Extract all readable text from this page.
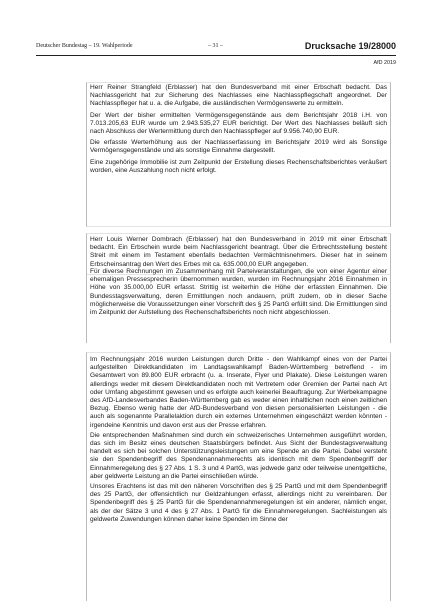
Deutscher Bundestag – 19. Wahlperiode	– 31 –	Drucksache 19/28000
AfD 2019

Herr Reiner Strangfeld (Erblasser) hat den Bundesverband mit einer Erbschaft bedacht. Das Nachlassgericht hat zur Sicherung des Nachlasses eine Nachlasspflegschaft angeordnet. Der Nachlasspfleger hat u. a. die Aufgabe, die ausländischen Vermögenswerte zu ermitteln.

Der Wert der bisher ermittelten Vermögensgegenstände aus dem Berichtsjahr 2018 i.H. von 7.013.205,63 EUR wurde um 2.943.535,27 EUR berichtigt. Der Wert des Nachlasses beläuft sich nach Abschluss der Wertermittlung durch den Nachlasspfleger auf 9.956.740,90 EUR.

Die erfasste Werterhöhung aus der Nachlasserfassung im Berichtsjahr 2019 wird als Sonstige Vermögensgegenstände und als sonstige Einnahme dargestellt.

Eine zugehörige Immobilie ist zum Zeitpunkt der Erstellung dieses Rechenschaftsberichtes veräußert worden, eine Auszahlung noch nicht erfolgt.

Herr Louis Werner Dombrach (Erblasser) hat den Bundesverband in 2019 mit einer Erbschaft bedacht. Ein Erbschein wurde beim Nachlassgericht beantragt. Über die Erbrechtsstellung besteht Streit mit einem im Testament ebenfalls bedachten Vermächtnisnehmers. Dieser hat in seinem Erbscheinsantrag den Wert des Erbes mit ca. 635.000,00 EUR angegeben.

Für diverse Rechnungen im Zusammenhang mit Parteiveranstaltungen, die von einer Agentur einer ehemaligen Pressesprecherin übernommen wurden, wurden im Rechnungsjahr 2016 Einnahmen in Höhe von 35.000,00 EUR erfasst. Strittig ist weiterhin die Höhe der erfassten Einnahmen. Die Bundesstagsverwaltung, deren Ermittlungen noch andauern, prüft zudem, ob in dieser Sache möglicherweise die Voraussetzungen einer Vorschrift des § 25 PartG erfüllt sind. Die Ermittlungen sind im Zeitpunkt der Aufstellung des Rechenschaftsberichts noch nicht abgeschlossen.

Im Rechnungsjahr 2016 wurden Leistungen durch Dritte - den Wahlkampf eines von der Partei aufgestellten Direktkandidaten im Landtagswahlkampf Baden-Württemberg betreffend - im Gesamtwert von 89.800 EUR erbracht (u. a. Inserate, Flyer und Plakate). Diese Leistungen waren allerdings weder mit diesem Direktkandidaten noch mit Vertretern oder Gremien der Partei nach Art oder Umfang abgestimmt gewesen und es erfolgte auch keinerlei Beauftragung. Zur Werbekampagne des AfD-Landesverbandes Baden-Württemberg gab es weder einen inhaltlichen noch einen zeitlichen Bezug. Ebenso wenig hatte der AfD-Bundesverband von diesen personalisierten Leistungen - die auch als sogenannte Parallelaktion durch ein externes Unternehmen eingeschätzt werden könnten - irgendeine Kenntnis und davon erst aus der Presse erfahren.

Die entsprechenden Maßnahmen sind durch ein schweizerisches Unternehmen ausgeführt worden, das sich im Besitz eines deutschen Staatsbürgers befindet. Aus Sicht der Bundestagsverwaltung handelt es sich bei solchen Unterstützungsleistungen um eine Spende an die Partei. Dabei versteht sie den Spendenbegriff des Spendenannahmerechts als identisch mit dem Spendenbegriff der Einnahmeregelung des § 27 Abs. 1 S. 3 und 4 PartG, was jedwede ganz oder teilweise unentgeltliche, aber geldwerte Leistung an die Partei einschließen würde.

Unsores Erachtens ist das mit den näheren Vorschriften des § 25 PartG und mit dem Spendenbegriff des 25 PartG, der offensichtlich nur Geldzahlungen erfasst, allerdings nicht zu vereinbaren. Der Spendenbegriff des § 25 PartG für die Spendenannahmeregelungen ist ein anderer, nämlich enger, als der der Sätze 3 und 4 des § 27 Abs. 1 PartG für die Einnahmeregelungen. Sachleistungen als geldwerte Zuwendungen können daher keine Spenden im Sinne der
